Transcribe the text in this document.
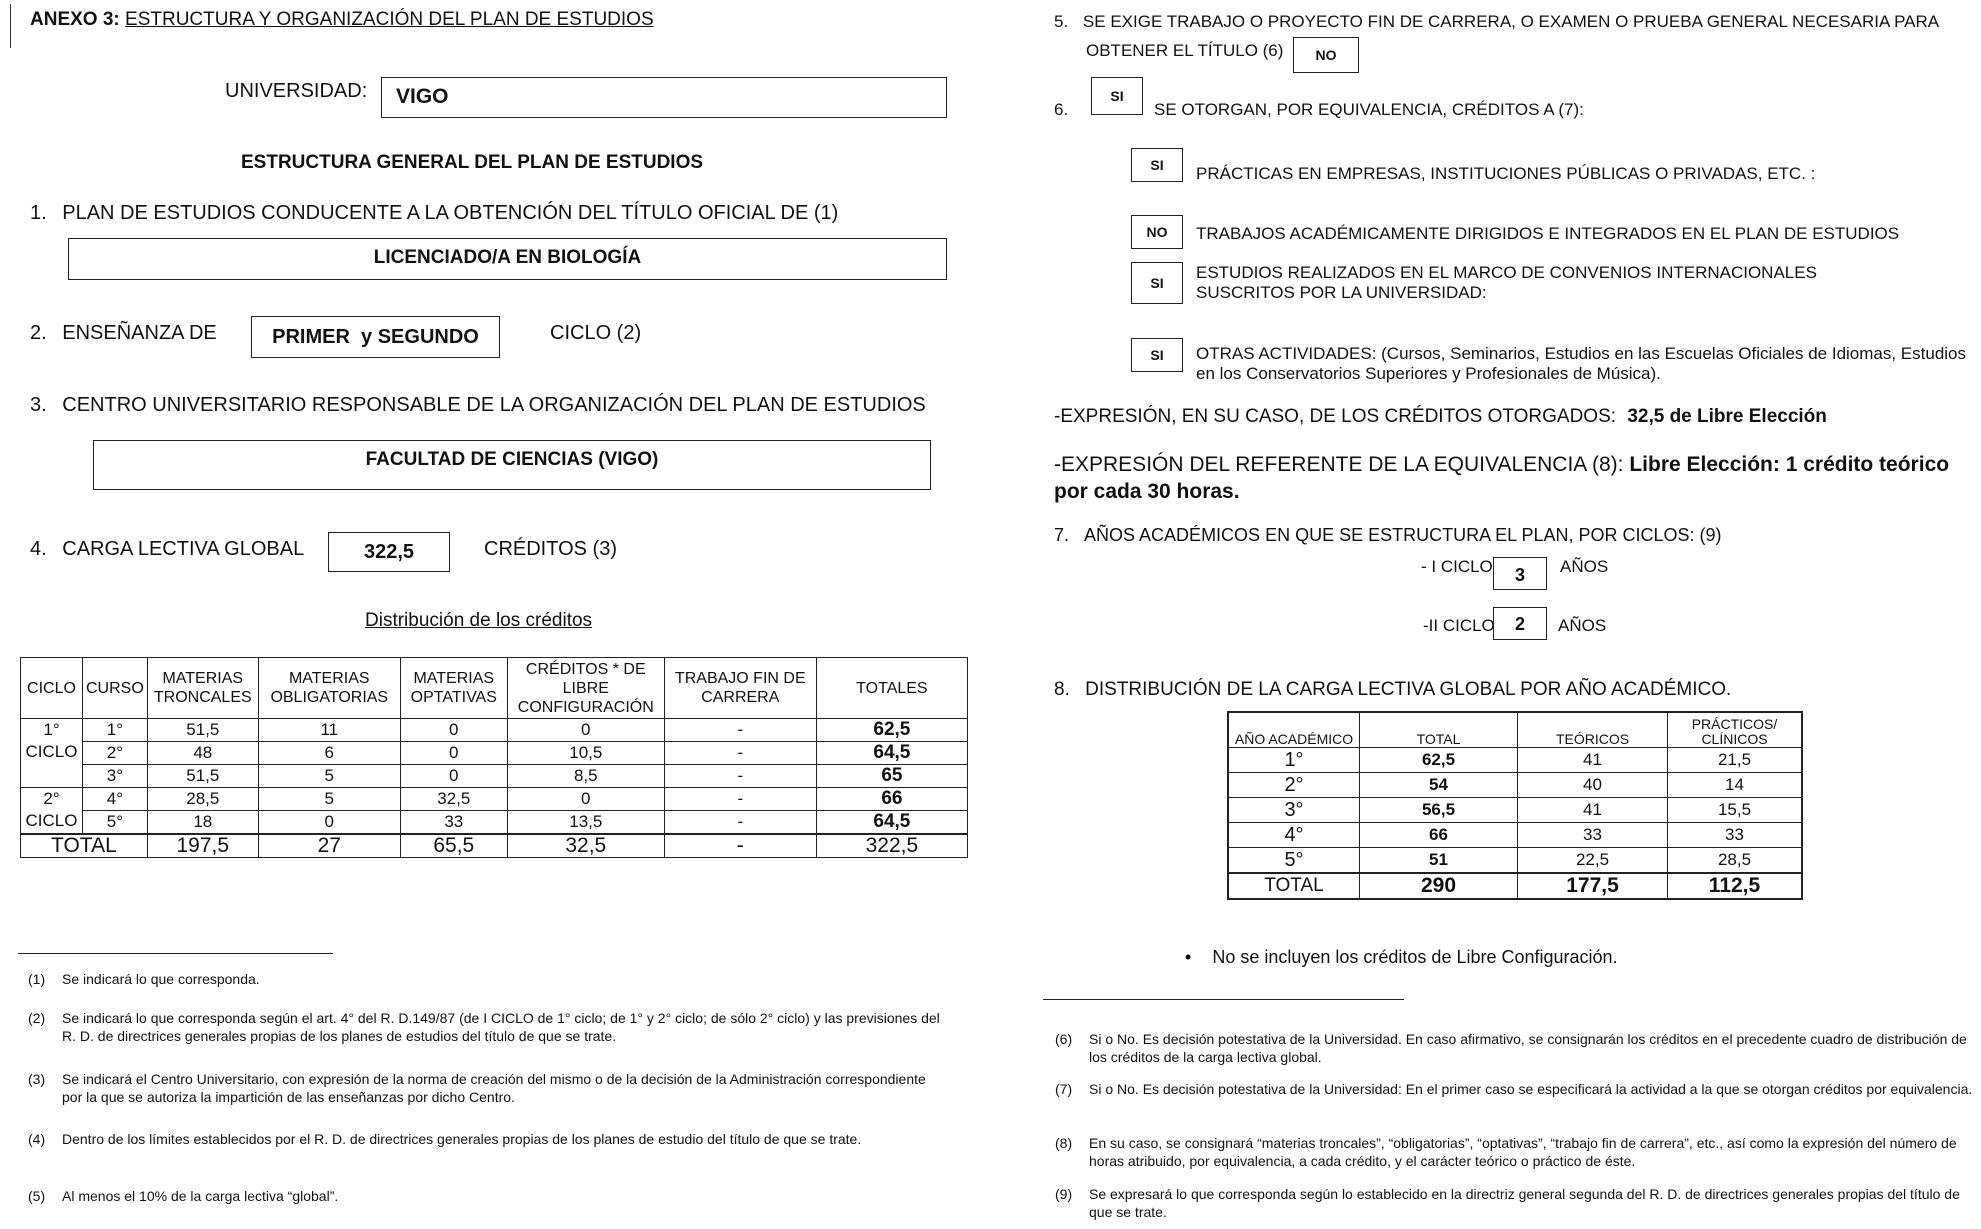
ANEXO 3: ESTRUCTURA Y ORGANIZACIÓN DEL PLAN DE ESTUDIOS
UNIVERSIDAD: VIGO
ESTRUCTURA GENERAL DEL PLAN DE ESTUDIOS
1. PLAN DE ESTUDIOS CONDUCENTE A LA OBTENCIÓN DEL TÍTULO OFICIAL DE (1)
LICENCIADO/A EN BIOLOGÍA
2. ENSEÑANZA DE	PRIMER  y SEGUNDO	CICLO (2)
3. CENTRO UNIVERSITARIO RESPONSABLE DE LA ORGANIZACIÓN DEL PLAN DE ESTUDIOS
FACULTAD DE CIENCIAS (VIGO)
4. CARGA LECTIVA GLOBAL	322,5	CRÉDITOS (3)
Distribución de los créditos
CICLO	CURSO	MATERIAS TRONCALES	MATERIAS OBLIGATORIAS	MATERIAS OPTATIVAS	CRÉDITOS * DE LIBRE CONFIGURACIÓN	TRABAJO FIN DE CARRERA	TOTALES
1° CICLO	1°	51,5	11	0	0	-	62,5
	2°	48	6	0	10,5	-	64,5
	3°	51,5	5	0	8,5	-	65
2° CICLO	4°	28,5	5	32,5	0	-	66
	5°	18	0	33	13,5	-	64,5
TOTAL		197,5	27	65,5	32,5	-	322,5
(1) Se indicará lo que corresponda.
(2) Se indicará lo que corresponda según el art. 4° del R. D.149/87 (de I CICLO de 1° ciclo; de 1° y 2° ciclo; de sólo 2° ciclo) y las previsiones del R. D. de directrices generales propias de los planes de estudios del título de que se trate.
(3) Se indicará el Centro Universitario, con expresión de la norma de creación del mismo o de la decisión de la Administración correspondiente por la que se autoriza la impartición de las enseñanzas por dicho Centro.
(4) Dentro de los límites establecidos por el R. D. de directrices generales propias de los planes de estudio del título de que se trate.
(5) Al menos el 10% de la carga lectiva “global”.
5. SE EXIGE TRABAJO O PROYECTO FIN DE CARRERA, O EXAMEN O PRUEBA GENERAL NECESARIA PARA
OBTENER EL TÍTULO (6)	NO
6.
SI
SE OTORGAN, POR EQUIVALENCIA, CRÉDITOS A (7):
SI	PRÁCTICAS EN EMPRESAS, INSTITUCIONES PÚBLICAS O PRIVADAS, ETC. :
NO	TRABAJOS ACADÉMICAMENTE DIRIGIDOS E INTEGRADOS EN EL PLAN DE ESTUDIOS
SI
ESTUDIOS REALIZADOS EN EL MARCO DE CONVENIOS INTERNACIONALES SUSCRITOS POR LA UNIVERSIDAD:
SI	OTRAS ACTIVIDADES: (Cursos, Seminarios, Estudios en las Escuelas Oficiales de Idiomas, Estudios en los Conservatorios Superiores y Profesionales de Música).
-EXPRESIÓN, EN SU CASO, DE LOS CRÉDITOS OTORGADOS: 32,5 de Libre Elección
-EXPRESIÓN DEL REFERENTE DE LA EQUIVALENCIA (8): Libre Elección: 1 crédito teórico por cada 30 horas.
7. AÑOS ACADÉMICOS EN QUE SE ESTRUCTURA EL PLAN, POR CICLOS: (9)
- I CICLO	3	AÑOS
-II CICLO	2	AÑOS
8. DISTRIBUCIÓN DE LA CARGA LECTIVA GLOBAL POR AÑO ACADÉMICO.
AÑO ACADÉMICO	TOTAL	TEÓRICOS	PRÁCTICOS/ CLÍNICOS
1°	62,5	41	21,5
2°	54	40	14
3°	56,5	41	15,5
4°	66	33	33
5°	51	22,5	28,5
TOTAL	290	177,5	112,5
• No se incluyen los créditos de Libre Configuración.
(6) Si o No. Es decisión potestativa de la Universidad. En caso afirmativo, se consignarán los créditos en el precedente cuadro de distribución de los créditos de la carga lectiva global.
(7) Si o No. Es decisión potestativa de la Universidad: En el primer caso se especificará la actividad a la que se otorgan créditos por equivalencia.
(8) En su caso, se consignará “materias troncales”, “obligatorias”, “optativas”, “trabajo fin de carrera”, etc., así como la expresión del número de horas atribuido, por equivalencia, a cada crédito, y el carácter teórico o práctico de éste.
(9) Se expresará lo que corresponda según lo establecido en la directriz general segunda del R. D. de directrices generales propias del título de que se trate.
